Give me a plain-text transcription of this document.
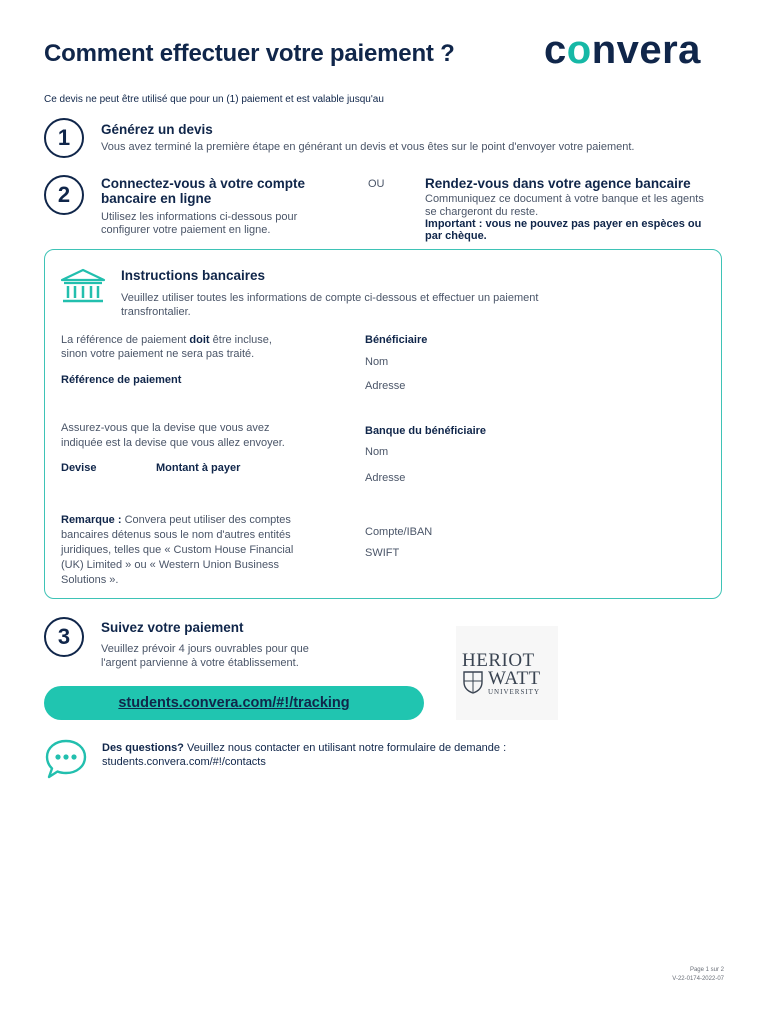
Comment effectuer votre paiement ? convera
Ce devis ne peut être utilisé que pour un (1) paiement et est valable jusqu'au
1	Générez un devis
Vous avez terminé la première étape en générant un devis et vous êtes sur le point d'envoyer votre paiement.
2	Connectez-vous à votre compte
bancaire en ligne
Utilisez les informations ci-dessous pour
configurer votre paiement en ligne.
OU	Rendez-vous dans votre agence bancaire
Communiquez ce document à votre banque et les agents se chargeront du reste.
Important : vous ne pouvez pas payer en espèces ou par chèque.
Instructions bancaires
Veuillez utiliser toutes les informations de compte ci-dessous et effectuer un paiement
transfrontalier.
La référence de paiement doit être incluse,
sinon votre paiement ne sera pas traité.
Référence de paiement
Assurez-vous que la devise que vous avez
indiquée est la devise que vous allez envoyer.
Devise	Montant à payer
Remarque : Convera peut utiliser des comptes
bancaires détenus sous le nom d'autres entités
juridiques, telles que « Custom House Financial
(UK) Limited » ou « Western Union Business
Solutions ».
Bénéficiaire
Nom
Adresse
Banque du bénéficiaire
Nom
Adresse
Compte/IBAN
SWIFT
3	Suivez votre paiement
Veuillez prévoir 4 jours ouvrables pour que
l'argent parvienne à votre établissement.	HERIOT
WATT
UNIVERSITY
students.convera.com/#!/tracking
Des questions? Veuillez nous contacter en utilisant notre formulaire de demande :
students.convera.com/#!/contacts
Page 1 sur 2
V-22-0174-2022-07
